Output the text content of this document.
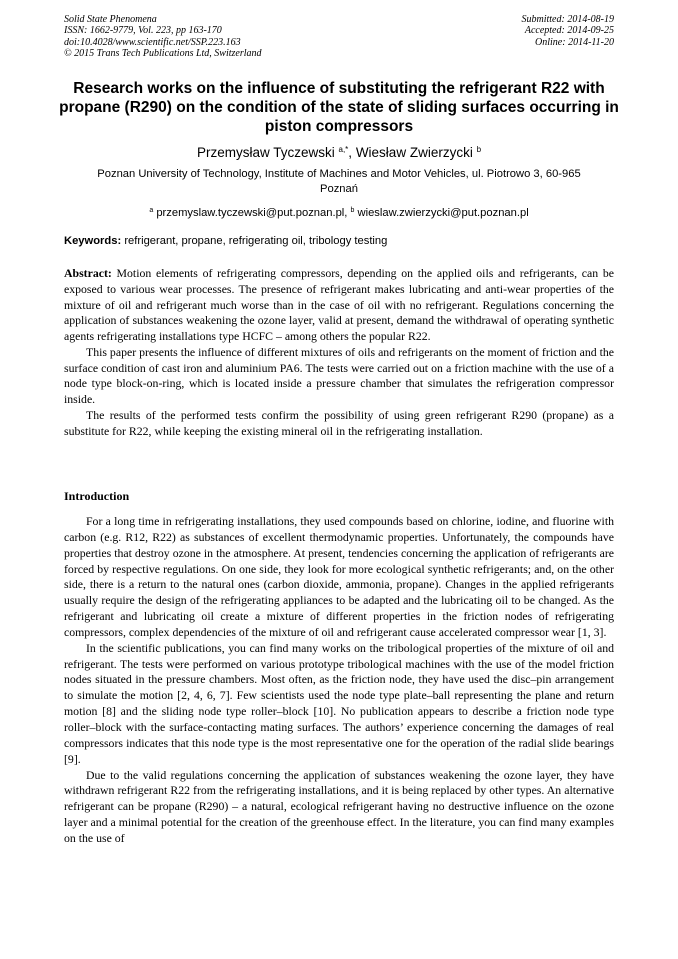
Solid State Phenomena
ISSN: 1662-9779, Vol. 223, pp 163-170
doi:10.4028/www.scientific.net/SSP.223.163
© 2015 Trans Tech Publications Ltd, Switzerland
Submitted: 2014-08-19
Accepted: 2014-09-25
Online: 2014-11-20
Research works on the influence of substituting the refrigerant R22 with propane (R290) on the condition of the state of sliding surfaces occurring in piston compressors
Przemysław Tyczewski $^{a,*}$, Wiesław Zwierzycki $^b$
Poznan University of Technology, Institute of Machines and Motor Vehicles, ul. Piotrowo 3, 60-965 Poznań
$^a$ przemyslaw.tyczewski@put.poznan.pl, $^b$ wieslaw.zwierzycki@put.poznan.pl
Keywords: refrigerant, propane, refrigerating oil, tribology testing

Abstract: Motion elements of refrigerating compressors, depending on the applied oils and refrigerants, can be exposed to various wear processes. The presence of refrigerant makes lubricating and anti-wear properties of the mixture of oil and refrigerant much worse than in the case of oil with no refrigerant. Regulations concerning the application of substances weakening the ozone layer, valid at present, demand the withdrawal of operating synthetic agents refrigerating installations type HCFC – among others the popular R22.

This paper presents the influence of different mixtures of oils and refrigerants on the moment of friction and the surface condition of cast iron and aluminium PA6. The tests were carried out on a friction machine with the use of a node type block-on-ring, which is located inside a pressure chamber that simulates the refrigeration compressor inside.

The results of the performed tests confirm the possibility of using green refrigerant R290 (propane) as a substitute for R22, while keeping the existing mineral oil in the refrigerating installation.

Introduction

For a long time in refrigerating installations, they used compounds based on chlorine, iodine, and fluorine with carbon (e.g. R12, R22) as substances of excellent thermodynamic properties. Unfortunately, the compounds have properties that destroy ozone in the atmosphere. At present, tendencies concerning the application of refrigerants are forced by respective regulations. On one side, they look for more ecological synthetic refrigerants; and, on the other side, there is a return to the natural ones (carbon dioxide, ammonia, propane). Changes in the applied refrigerants usually require the design of the refrigerating appliances to be adapted and the lubricating oil to be changed. As the refrigerant and lubricating oil create a mixture of different properties in the friction nodes of refrigerating compressors, complex dependencies of the mixture of oil and refrigerant cause accelerated compressor wear [1, 3].

In the scientific publications, you can find many works on the tribological properties of the mixture of oil and refrigerant. The tests were performed on various prototype tribological machines with the use of the model friction nodes situated in the pressure chambers. Most often, as the friction node, they have used the disc–pin arrangement to simulate the motion [2, 4, 6, 7]. Few scientists used the node type plate–ball representing the plane and return motion [8] and the sliding node type roller–block [10]. No publication appears to describe a friction node type roller–block with the surface-contacting mating surfaces. The authors’ experience concerning the damages of real compressors indicates that this node type is the most representative one for the operation of the radial slide bearings [9].

Due to the valid regulations concerning the application of substances weakening the ozone layer, they have withdrawn refrigerant R22 from the refrigerating installations, and it is being replaced by other types. An alternative refrigerant can be propane (R290) – a natural, ecological refrigerant having no destructive influence on the ozone layer and a minimal potential for the creation of the greenhouse effect. In the literature, you can find many examples on the use of
